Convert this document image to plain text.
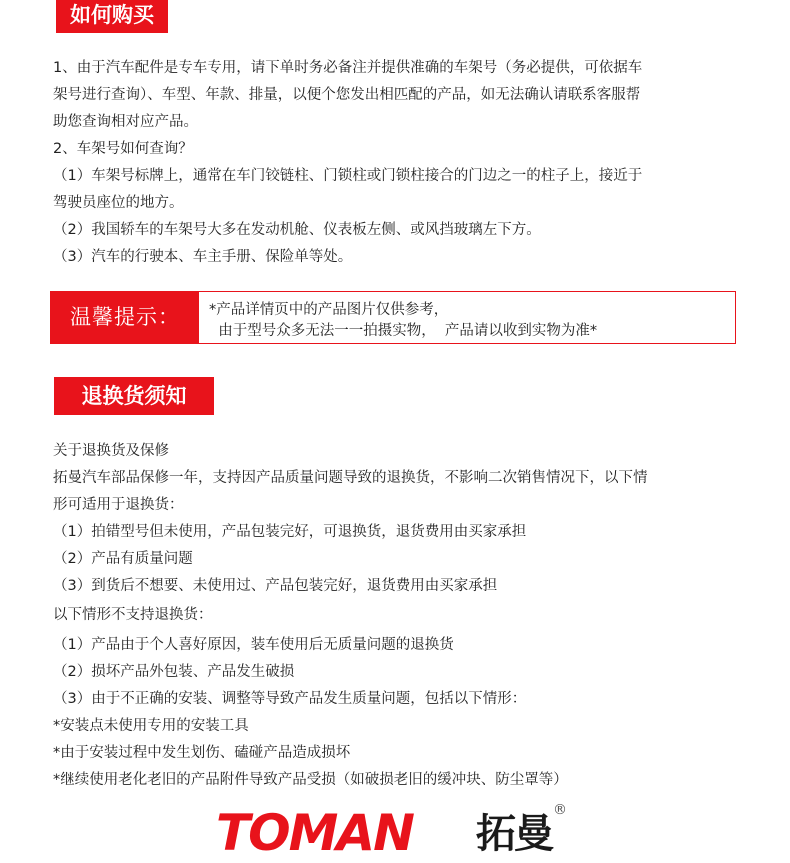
如何购买
1、由于汽车配件是专车专用，请下单时务必备注并提供准确的车架号（务必提供，可依据车
架号进行查询）、车型、年款、排量，以便个您发出相匹配的产品，如无法确认请联系客服帮
助您查询相对应产品。
2、车架号如何查询？
（1）车架号标牌上，通常在车门铰链柱、门锁柱或门锁柱接合的门边之一的柱子上，接近于
驾驶员座位的地方。
（2）我国轿车的车架号大多在发动机舱、仪表板左侧、或风挡玻璃左下方。
（3）汽车的行驶本、车主手册、保险单等处。
温馨提示：	*产品详情页中的产品图片仅供参考，
由于型号众多无法一一拍摄实物，  产品请以收到实物为准*
退换货须知
关于退换货及保修
拓曼汽车部品保修一年，支持因产品质量问题导致的退换货，不影响二次销售情况下，以下情
形可适用于退换货：
（1）拍错型号但未使用，产品包装完好，可退换货，退货费用由买家承担
（2）产品有质量问题
（3）到货后不想要、未使用过、产品包装完好，退货费用由买家承担
以下情形不支持退换货：
（1）产品由于个人喜好原因，装车使用后无质量问题的退换货
（2）损坏产品外包装、产品发生破损
（3）由于不正确的安装、调整等导致产品发生质量问题，包括以下情形：
*安装点未使用专用的安装工具
*由于安装过程中发生划伤、磕碰产品造成损坏
*继续使用老化老旧的产品附件导致产品受损（如破损老旧的缓冲块、防尘罩等）
TOMAN 拓曼
®
